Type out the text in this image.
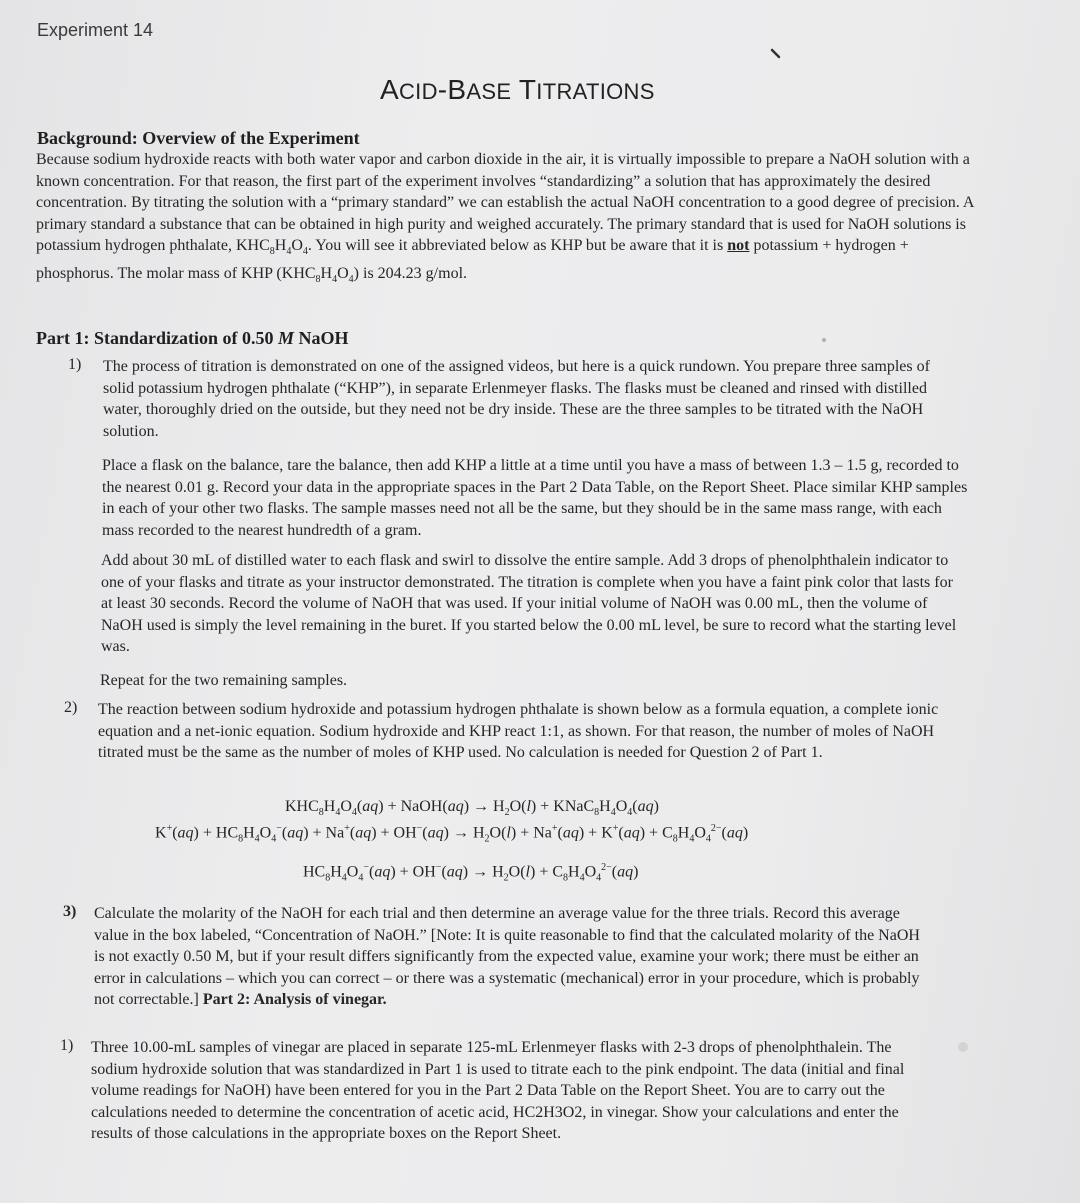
Experiment 14
ACID-BASE TITRATIONS
Background: Overview of the Experiment

Because sodium hydroxide reacts with both water vapor and carbon dioxide in the air, it is virtually impossible to prepare a NaOH solution with a known concentration. For that reason, the first part of the experiment involves “standardizing” a solution that has approximately the desired concentration. By titrating the solution with a “primary standard” we can establish the actual NaOH concentration to a good degree of precision. A primary standard a substance that can be obtained in high purity and weighed accurately. The primary standard that is used for NaOH solutions is potassium hydrogen phthalate, $KHC_8H_4O_4$. You will see it abbreviated below as KHP but be aware that it is not potassium + hydrogen + phosphorus. The molar mass of KHP $(KHC_8H_4O_4)$ is 204.23 g/mol.

Part 1: Standardization of 0.50 M NaOH
1) The process of titration is demonstrated on one of the assigned videos, but here is a quick rundown. You prepare three samples of solid potassium hydrogen phthalate (“KHP”), in separate Erlenmeyer flasks. The flasks must be cleaned and rinsed with distilled water, thoroughly dried on the outside, but they need not be dry inside. These are the three samples to be titrated with the NaOH solution.

Place a flask on the balance, tare the balance, then add KHP a little at a time until you have a mass of between 1.3 – 1.5 g, recorded to the nearest 0.01 g. Record your data in the appropriate spaces in the Part 2 Data Table, on the Report Sheet. Place similar KHP samples in each of your other two flasks. The sample masses need not all be the same, but they should be in the same mass range, with each mass recorded to the nearest hundredth of a gram.

Add about 30 mL of distilled water to each flask and swirl to dissolve the entire sample. Add 3 drops of phenolphthalein indicator to one of your flasks and titrate as your instructor demonstrated. The titration is complete when you have a faint pink color that lasts for at least 30 seconds. Record the volume of NaOH that was used. If your initial volume of NaOH was 0.00 mL, then the volume of NaOH used is simply the level remaining in the buret. If you started below the 0.00 mL level, be sure to record what the starting level was.

Repeat for the two remaining samples.

2) The reaction between sodium hydroxide and potassium hydrogen phthalate is shown below as a formula equation, a complete ionic equation and a net-ionic equation. Sodium hydroxide and KHP react 1:1, as shown. For that reason, the number of moles of NaOH titrated must be the same as the number of moles of KHP used. No calculation is needed for Question 2 of Part 1.

$KHC_8H_4O_4(aq)$ + NaOH(aq) → $H_2O(l)$ + $KNaC_8H_4O_4(aq)$
$K^+(aq) + HC_8H_4O_4^-(aq) + Na^+(aq) + OH^-(aq) \to H_2O(l) + Na^+(aq) + K^+(aq) + C_8H_4O_4^{2-}(aq)$
$HC_8H_4O_4^-(aq) + OH^-(aq) \to H_2O(l) + C_8H_4O_4^{2-}(aq)$
3) Calculate the molarity of the NaOH for each trial and then determine an average value for the three trials. Record this average value in the box labeled, “Concentration of NaOH.” [Note: It is quite reasonable to find that the calculated molarity of the NaOH is not exactly 0.50 M, but if your result differs significantly from the expected value, examine your work; there must be either an error in calculations – which you can correct – or there was a systematic (mechanical) error in your procedure, which is probably not correctable.] Part 2: Analysis of vinegar.

1) Three 10.00-mL samples of vinegar are placed in separate 125-mL Erlenmeyer flasks with 2-3 drops of phenolphthalein. The sodium hydroxide solution that was standardized in Part 1 is used to titrate each to the pink endpoint. The data (initial and final volume readings for NaOH) have been entered for you in the Part 2 Data Table on the Report Sheet. You are to carry out the calculations needed to determine the concentration of acetic acid, HC2H3O2, in vinegar. Show your calculations and enter the results of those calculations in the appropriate boxes on the Report Sheet.
